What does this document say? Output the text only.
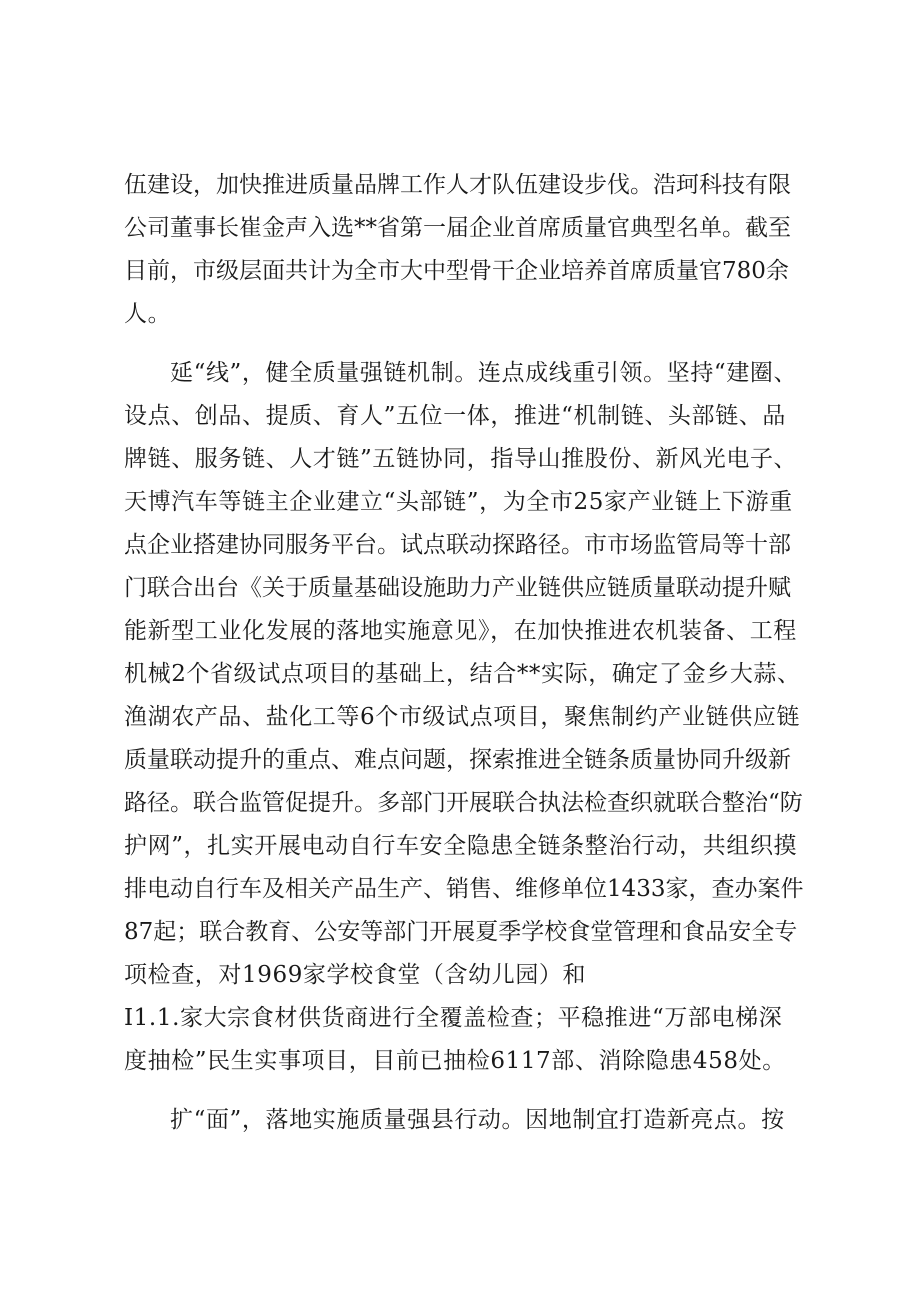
伍建设，加快推进质量品牌工作人才队伍建设步伐。浩珂科技有限
公司董事长崔金声入选**省第一届企业首席质量官典型名单。截至
目前，市级层面共计为全市大中型骨干企业培养首席质量官780余
人。
延“线”，健全质量强链机制。连点成线重引领。坚持“建圈、
设点、创品、提质、育人”五位一体，推进“机制链、头部链、品
牌链、服务链、人才链”五链协同，指导山推股份、新风光电子、
天博汽车等链主企业建立“头部链”，为全市25家产业链上下游重
点企业搭建协同服务平台。试点联动探路径。市市场监管局等十部
门联合出台《关于质量基础设施助力产业链供应链质量联动提升赋
能新型工业化发展的落地实施意见》，在加快推进农机装备、工程
机械2个省级试点项目的基础上，结合**实际，确定了金乡大蒜、
渔湖农产品、盐化工等6个市级试点项目，聚焦制约产业链供应链
质量联动提升的重点、难点问题，探索推进全链条质量协同升级新
路径。联合监管促提升。多部门开展联合执法检查织就联合整治“防
护网”，扎实开展电动自行车安全隐患全链条整治行动，共组织摸
排电动自行车及相关产品生产、销售、维修单位1433家，查办案件
87起；联合教育、公安等部门开展夏季学校食堂管理和食品安全专
项检查，对1969家学校食堂（含幼儿园）和
I1.1.家大宗食材供货商进行全覆盖检查；平稳推进“万部电梯深
度抽检”民生实事项目，目前已抽检6117部、消除隐患458处。
扩“面”，落地实施质量强县行动。因地制宜打造新亮点。按
